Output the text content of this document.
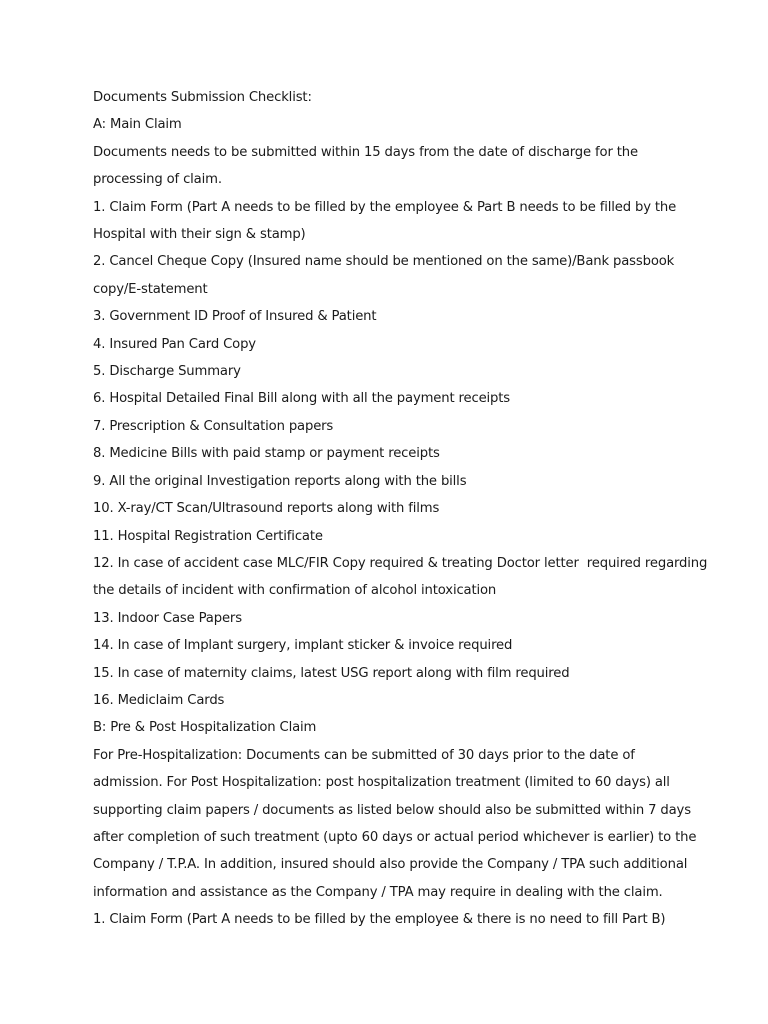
Documents Submission Checklist:
A: Main Claim
Documents needs to be submitted within 15 days from the date of discharge for the
processing of claim.
1. Claim Form (Part A needs to be filled by the employee & Part B needs to be filled by the
Hospital with their sign & stamp)
2. Cancel Cheque Copy (Insured name should be mentioned on the same)/Bank passbook
copy/E-statement
3. Government ID Proof of Insured & Patient
4. Insured Pan Card Copy
5. Discharge Summary
6. Hospital Detailed Final Bill along with all the payment receipts
7. Prescription & Consultation papers
8. Medicine Bills with paid stamp or payment receipts
9. All the original Investigation reports along with the bills
10. X-ray/CT Scan/Ultrasound reports along with films
11. Hospital Registration Certificate
12. In case of accident case MLC/FIR Copy required & treating Doctor letter  required regarding
the details of incident with confirmation of alcohol intoxication
13. Indoor Case Papers
14. In case of Implant surgery, implant sticker & invoice required
15. In case of maternity claims, latest USG report along with film required
16. Mediclaim Cards
B: Pre & Post Hospitalization Claim
For Pre-Hospitalization: Documents can be submitted of 30 days prior to the date of
admission. For Post Hospitalization: post hospitalization treatment (limited to 60 days) all
supporting claim papers / documents as listed below should also be submitted within 7 days
after completion of such treatment (upto 60 days or actual period whichever is earlier) to the
Company / T.P.A. In addition, insured should also provide the Company / TPA such additional
information and assistance as the Company / TPA may require in dealing with the claim.
1. Claim Form (Part A needs to be filled by the employee & there is no need to fill Part B)
